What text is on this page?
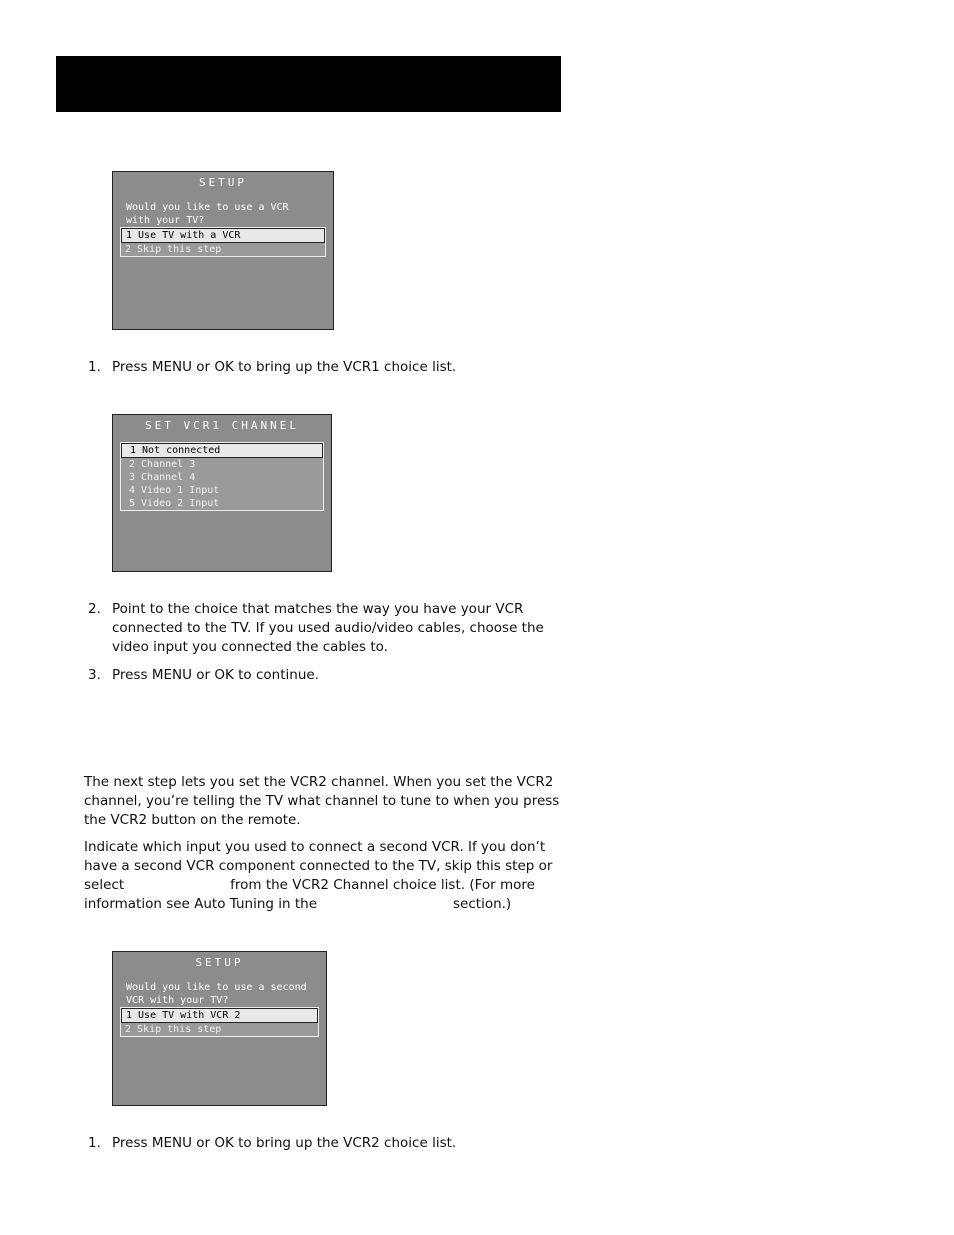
SETUP
Would you like to use a VCR
with your TV?
1 Use TV with a VCR
2 Skip this step
1. Press MENU or OK to bring up the VCR1 choice list.
SET VCR1 CHANNEL
1 Not connected
2 Channel 3
3 Channel 4
4 Video 1 Input
5 Video 2 Input
2. Point to the choice that matches the way you have your VCR
connected to the TV. If you used audio/video cables, choose the
video input you connected the cables to.
3. Press MENU or OK to continue.
The next step lets you set the VCR2 channel. When you set the VCR2
channel, you’re telling the TV what channel to tune to when you press
the VCR2 button on the remote.
Indicate which input you used to connect a second VCR. If you don’t
have a second VCR component connected to the TV, skip this step or
select	from the VCR2 Channel choice list. (For more
information see Auto Tuning in the	section.)
SETUP
Would you like to use a second
VCR with your TV?
1 Use TV with VCR 2
2 Skip this step
1. Press MENU or OK to bring up the VCR2 choice list.
